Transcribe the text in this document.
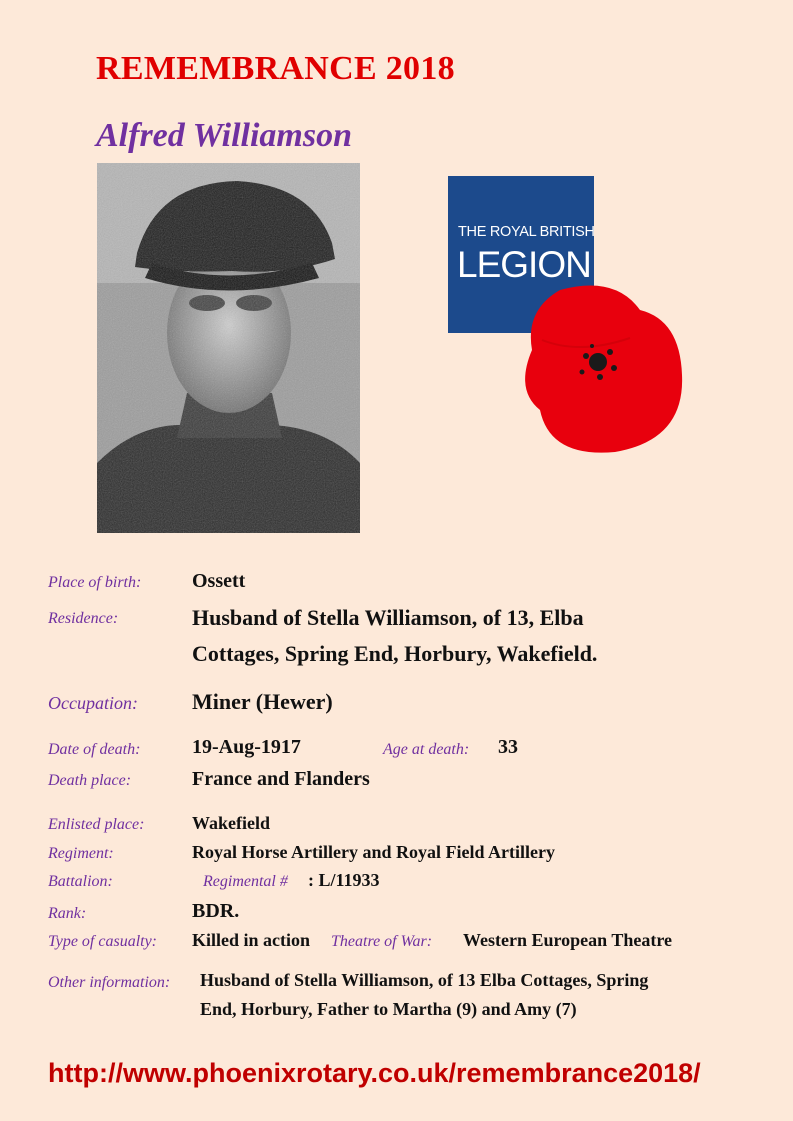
REMEMBRANCE 2018
Alfred Williamson
THE ROYAL BRITISH
LEGION
Place of birth:	Ossett
Residence:	Husband of Stella Williamson, of 13, Elba
Cottages, Spring End, Horbury, Wakefield.
Occupation: Miner (Hewer)
Date of death:	19-Aug-1917	Age at death: 33
Death place:	France and Flanders
Enlisted place:	Wakefield
Regiment:	Royal Horse Artillery and Royal Field Artillery
Battalion:	Regimental # : L/11933
Rank:	BDR.
Type of casualty: Killed in action Theatre of War: Western European Theatre
Other information: Husband of Stella Williamson, of 13 Elba Cottages, Spring
End, Horbury, Father to Martha (9) and Amy (7)
http://www.phoenixrotary.co.uk/remembrance2018/
